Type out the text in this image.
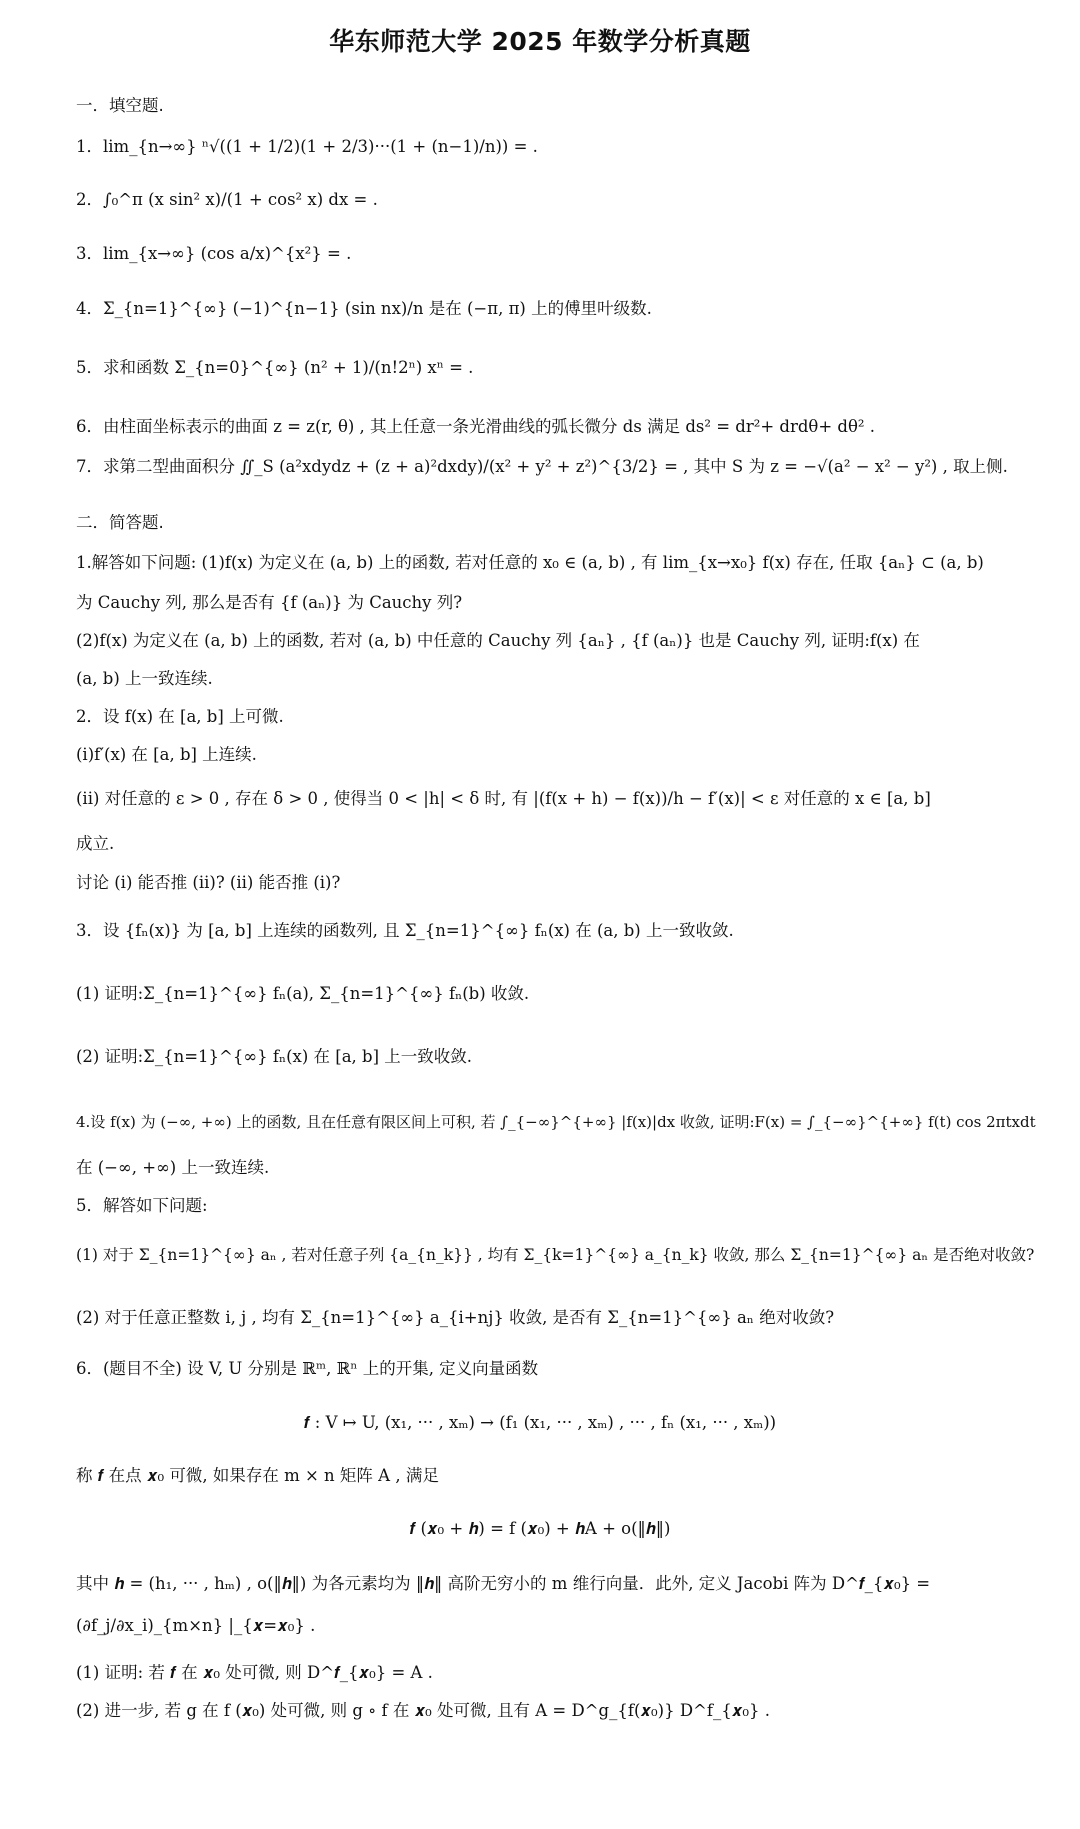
华东师范大学 2025 年数学分析真题
一．填空题.
1．lim_{n→∞} ⁿ√((1 + 1/2)(1 + 2/3)···(1 + (n−1)/n)) = .
2．∫₀^π (x sin² x)/(1 + cos² x) dx = .
3．lim_{x→∞} (cos a/x)^{x²} = .
4．Σ_{n=1}^{∞} (−1)^{n−1} (sin nx)/n 是在 (−π, π) 上的傅里叶级数.
5．求和函数 Σ_{n=0}^{∞} (n² + 1)/(n!2ⁿ) xⁿ = .
6．由柱面坐标表示的曲面 z = z(r, θ) , 其上任意一条光滑曲线的弧长微分 ds 满足 ds² = dr²+ drdθ+ dθ² .
7．求第二型曲面积分 ∬_S (a²xdydz + (z + a)²dxdy)/(x² + y² + z²)^{3/2} = , 其中 S 为 z = −√(a² − x² − y²) , 取上侧.
二．简答题.
1.解答如下问题: (1)f(x) 为定义在 (a, b) 上的函数, 若对任意的 x₀ ∈ (a, b) , 有 lim_{x→x₀} f(x) 存在, 任取 {aₙ} ⊂ (a, b)
为 Cauchy 列, 那么是否有 {f (aₙ)} 为 Cauchy 列?
(2)f(x) 为定义在 (a, b) 上的函数, 若对 (a, b) 中任意的 Cauchy 列 {aₙ} , {f (aₙ)} 也是 Cauchy 列, 证明:f(x) 在
(a, b) 上一致连续.
2．设 f(x) 在 [a, b] 上可微.
(i)f′(x) 在 [a, b] 上连续.
(ii) 对任意的 ε > 0 , 存在 δ > 0 , 使得当 0 < |h| < δ 时, 有 |(f(x + h) − f(x))/h − f′(x)| < ε 对任意的 x ∈ [a, b]
成立.
讨论 (i) 能否推 (ii)? (ii) 能否推 (i)?
3．设 {fₙ(x)} 为 [a, b] 上连续的函数列, 且 Σ_{n=1}^{∞} fₙ(x) 在 (a, b) 上一致收敛.
(1) 证明:Σ_{n=1}^{∞} fₙ(a), Σ_{n=1}^{∞} fₙ(b) 收敛.
(2) 证明:Σ_{n=1}^{∞} fₙ(x) 在 [a, b] 上一致收敛.
4.设 f(x) 为 (−∞, +∞) 上的函数, 且在任意有限区间上可积, 若 ∫_{−∞}^{+∞} |f(x)|dx 收敛, 证明:F(x) = ∫_{−∞}^{+∞} f(t) cos 2πtxdt
在 (−∞, +∞) 上一致连续.
5．解答如下问题:
(1) 对于 Σ_{n=1}^{∞} aₙ , 若对任意子列 {a_{n_k}} , 均有 Σ_{k=1}^{∞} a_{n_k} 收敛, 那么 Σ_{n=1}^{∞} aₙ 是否绝对收敛?
(2) 对于任意正整数 i, j , 均有 Σ_{n=1}^{∞} a_{i+nj} 收敛, 是否有 Σ_{n=1}^{∞} aₙ 绝对收敛?
6．(题目不全) 设 V, U 分别是 ℝᵐ, ℝⁿ 上的开集, 定义向量函数
𝒇 : V ↦ U, (x₁, ··· , xₘ) → (f₁ (x₁, ··· , xₘ) , ··· , fₙ (x₁, ··· , xₘ))
称 𝒇 在点 𝒙₀ 可微, 如果存在 m × n 矩阵 A , 满足
𝒇 (𝒙₀ + 𝒉) = f (𝒙₀) + 𝒉A + o(‖𝒉‖)
其中 𝒉 = (h₁, ··· , hₘ) , o(‖𝒉‖) 为各元素均为 ‖𝒉‖ 高阶无穷小的 m 维行向量．此外, 定义 Jacobi 阵为 D^𝒇_{𝒙₀} =
(∂f_j/∂x_i)_{m×n} |_{𝒙=𝒙₀} .
(1) 证明: 若 𝒇 在 𝒙₀ 处可微, 则 D^𝒇_{𝒙₀} = A .
(2) 进一步, 若 g 在 f (𝒙₀) 处可微, 则 g ∘ f 在 𝒙₀ 处可微, 且有 A = D^g_{f(𝒙₀)} D^f_{𝒙₀} .
